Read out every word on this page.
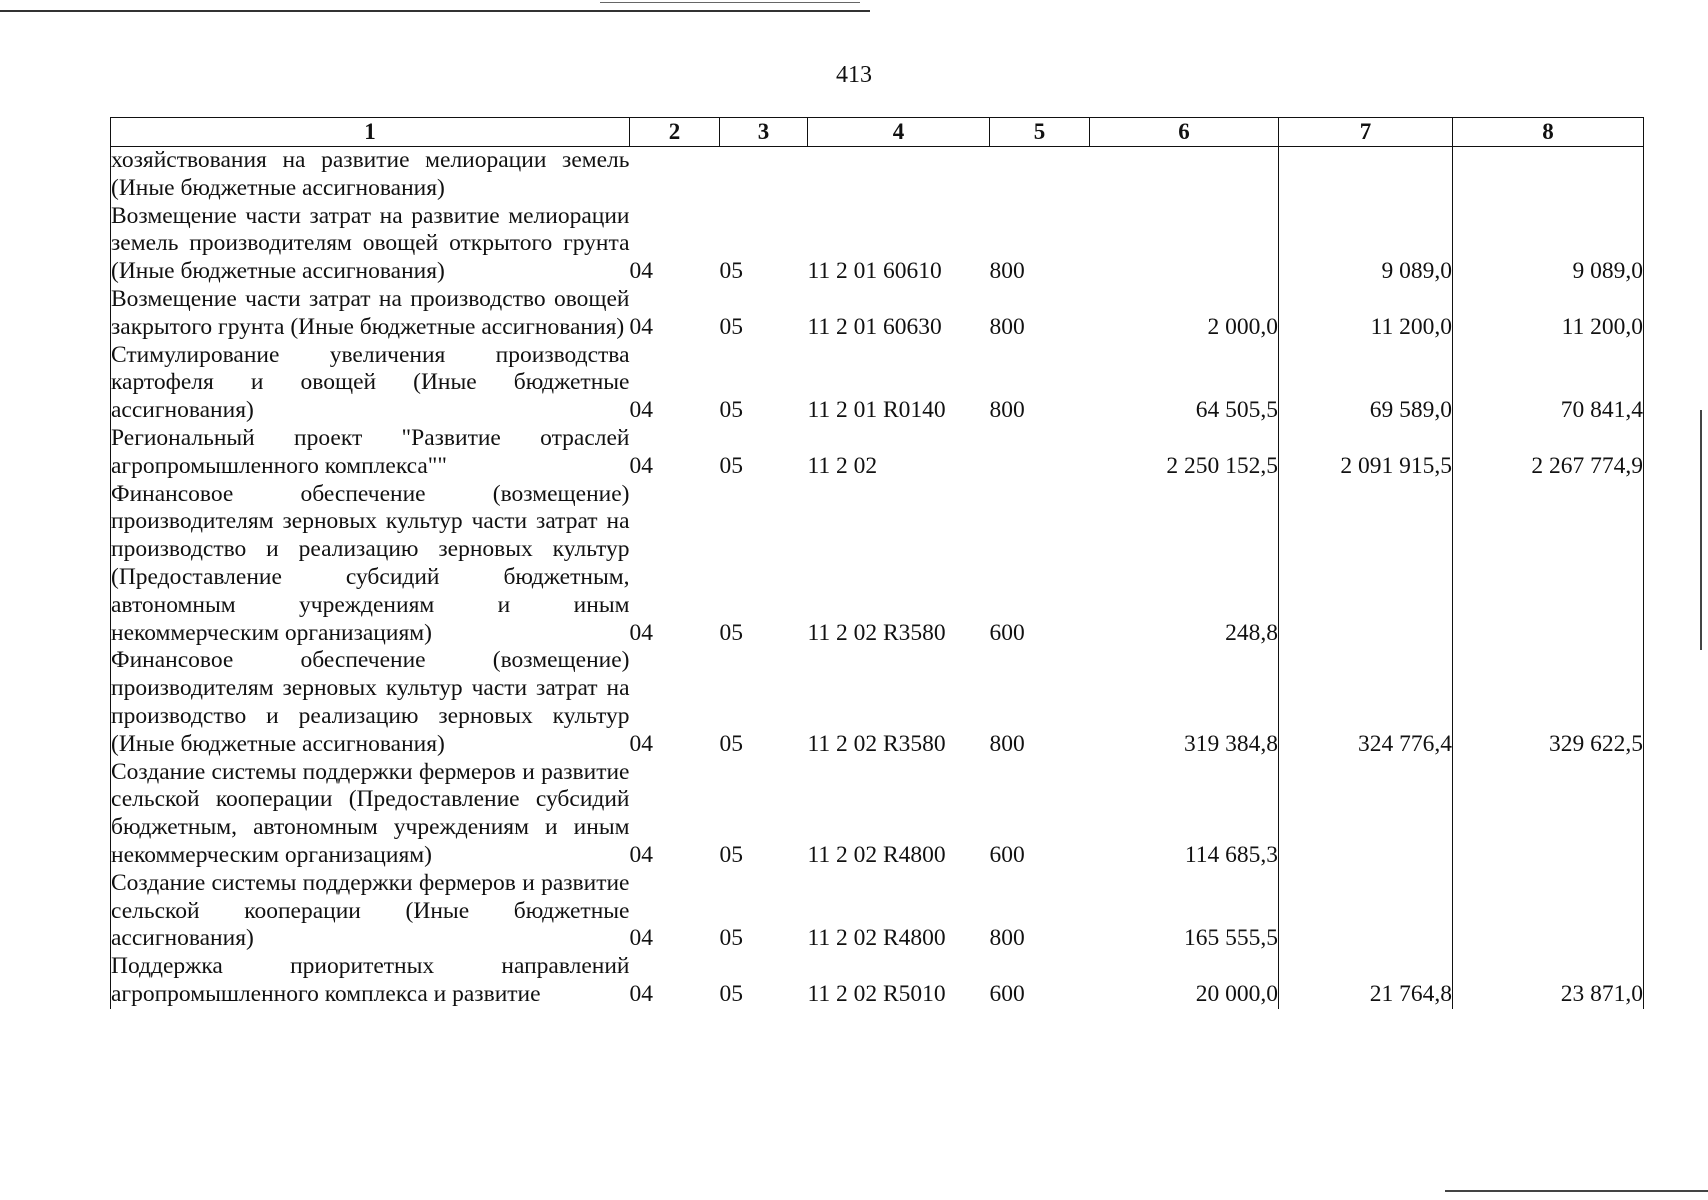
413
1	2	3	4	5	6	7	8
хозяйствования на развитие мелиорации земель (Иные бюджетные ассигнования)							
Возмещение части затрат на развитие мелиорации земель производителям овощей открытого грунта (Иные бюджетные ассигнования)	04	05	11 2 01 60610	800		9 089,0	9 089,0
Возмещение части затрат на производство овощей закрытого грунта (Иные бюджетные ассигнования)	04	05	11 2 01 60630	800	2 000,0	11 200,0	11 200,0
Стимулирование увеличения производства картофеля и овощей (Иные бюджетные ассигнования)	04	05	11 2 01 R0140	800	64 505,5	69 589,0	70 841,4
Региональный проект "Развитие отраслей агропромышленного комплекса""	04	05	11 2 02		2 250 152,5	2 091 915,5	2 267 774,9
Финансовое обеспечение (возмещение) производителям зерновых культур части затрат на производство и реализацию зерновых культур (Предоставление субсидий бюджетным, автономным учреждениям и иным некоммерческим организациям)	04	05	11 2 02 R3580	600	248,8		
Финансовое обеспечение (возмещение) производителям зерновых культур части затрат на производство и реализацию зерновых культур (Иные бюджетные ассигнования)	04	05	11 2 02 R3580	800	319 384,8	324 776,4	329 622,5
Создание системы поддержки фермеров и развитие сельской кооперации (Предоставление субсидий бюджетным, автономным учреждениям и иным некоммерческим организациям)	04	05	11 2 02 R4800	600	114 685,3		
Создание системы поддержки фермеров и развитие сельской кооперации (Иные бюджетные ассигнования)	04	05	11 2 02 R4800	800	165 555,5		
Поддержка приоритетных направлений агропромышленного комплекса и развитие	04	05	11 2 02 R5010	600	20 000,0	21 764,8	23 871,0
